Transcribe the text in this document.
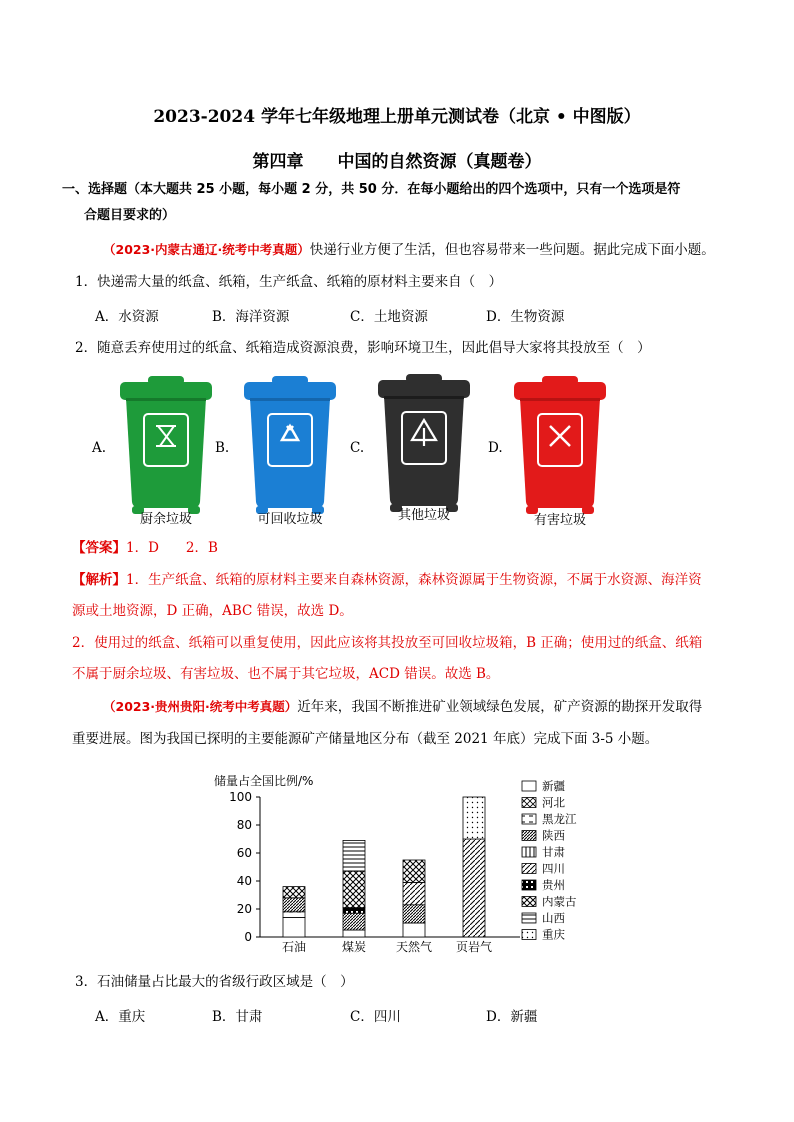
2023-2024 学年七年级地理上册单元测试卷（北京 • 中图版）
第四章　　中国的自然资源（真题卷）
一、选择题（本大题共 25 小题，每小题 2 分，共 50 分．在每小题给出的四个选项中，只有一个选项是符
合题目要求的）
（2023·内蒙古通辽·统考中考真题）快递行业方便了生活，但也容易带来一些问题。据此完成下面小题。
1．快递需大量的纸盒、纸箱，生产纸盒、纸箱的原材料主要来自（　）
A．水资源	B．海洋资源	C．土地资源	D．生物资源
2．随意丢弃使用过的纸盒、纸箱造成资源浪费，影响环境卫生，因此倡导大家将其投放至（　）
A.	B.	C.	D.
厨余垃圾	可回收垃圾	其他垃圾	有害垃圾
【答案】1．D　　2．B
【解析】1．生产纸盒、纸箱的原材料主要来自森林资源，森林资源属于生物资源，不属于水资源、海洋资
源或土地资源，D 正确，ABC 错误，故选 D。
2．使用过的纸盒、纸箱可以重复使用，因此应该将其投放至可回收垃圾箱，B 正确；使用过的纸盒、纸箱
不属于厨余垃圾、有害垃圾、也不属于其它垃圾，ACD 错误。故选 B。
（2023·贵州贵阳·统考中考真题）近年来，我国不断推进矿业领域绿色发展，矿产资源的勘探开发取得
重要进展。图为我国已探明的主要能源矿产储量地区分布（截至 2021 年底）完成下面 3-5 小题。
储量占全国比例/%
0
20
40
60
80
100
石油	煤炭 天然气 页岩气
新疆
河北
黑龙江
陕西
甘肃
四川
贵州
内蒙古
山西
重庆
3．石油储量占比最大的省级行政区域是（　）
A．重庆	B．甘肃	C．四川	D．新疆
